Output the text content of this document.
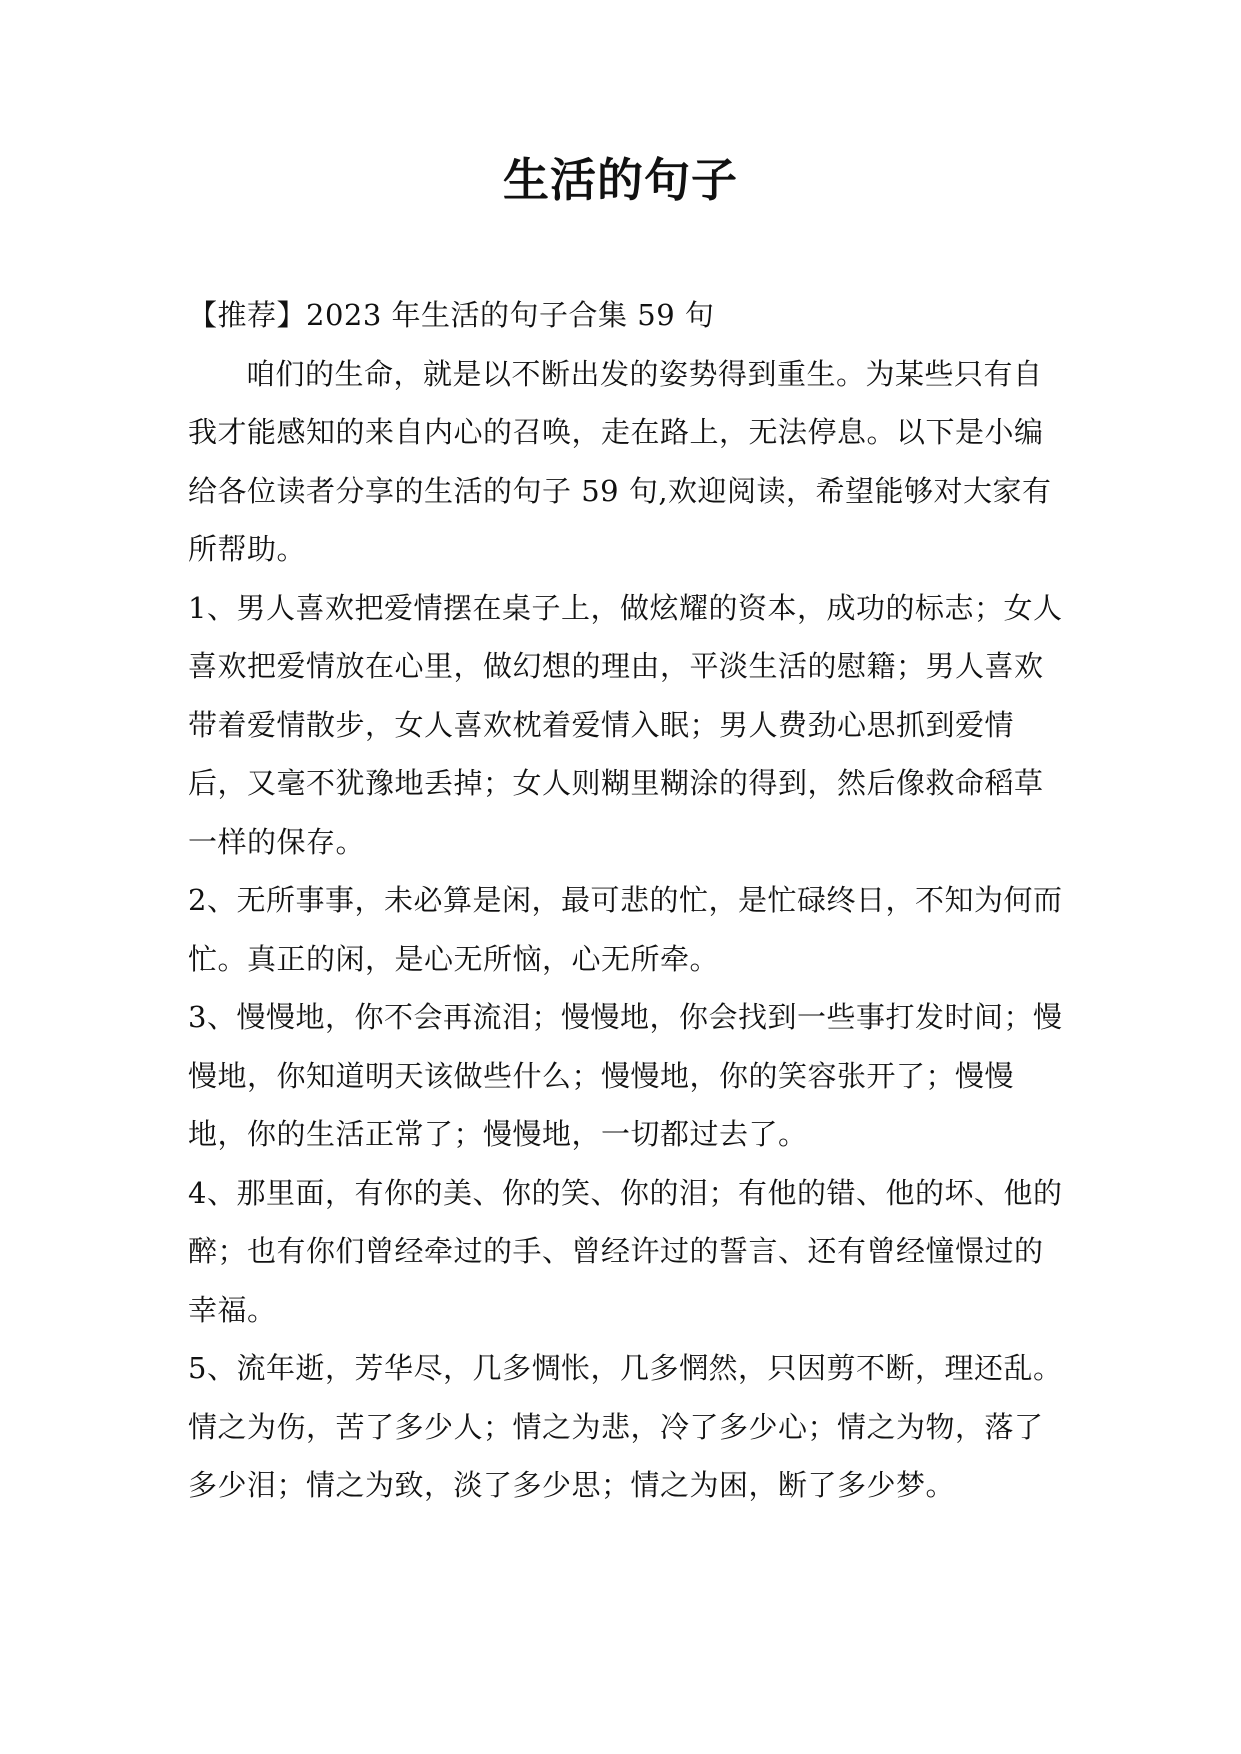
生活的句子

【推荐】2023 年生活的句子合集 59 句

咱们的生命，就是以不断出发的姿势得到重生。为某些只有自我才能感知的来自内心的召唤，走在路上，无法停息。以下是小编给各位读者分享的生活的句子 59 句,欢迎阅读，希望能够对大家有所帮助。

1、男人喜欢把爱情摆在桌子上，做炫耀的资本，成功的标志；女人喜欢把爱情放在心里，做幻想的理由，平淡生活的慰籍；男人喜欢带着爱情散步，女人喜欢枕着爱情入眠；男人费劲心思抓到爱情后，又毫不犹豫地丢掉；女人则糊里糊涂的得到，然后像救命稻草一样的保存。

2、无所事事，未必算是闲，最可悲的忙，是忙碌终日，不知为何而忙。真正的闲，是心无所恼，心无所牵。

3、慢慢地，你不会再流泪；慢慢地，你会找到一些事打发时间；慢慢地，你知道明天该做些什么；慢慢地，你的笑容张开了；慢慢地，你的生活正常了；慢慢地，一切都过去了。

4、那里面，有你的美、你的笑、你的泪；有他的错、他的坏、他的醉；也有你们曾经牵过的手、曾经许过的誓言、还有曾经憧憬过的幸福。

5、流年逝，芳华尽，几多惆怅，几多惘然，只因剪不断，理还乱。情之为伤，苦了多少人；情之为悲，冷了多少心；情之为物，落了多少泪；情之为致，淡了多少思；情之为困，断了多少梦。
